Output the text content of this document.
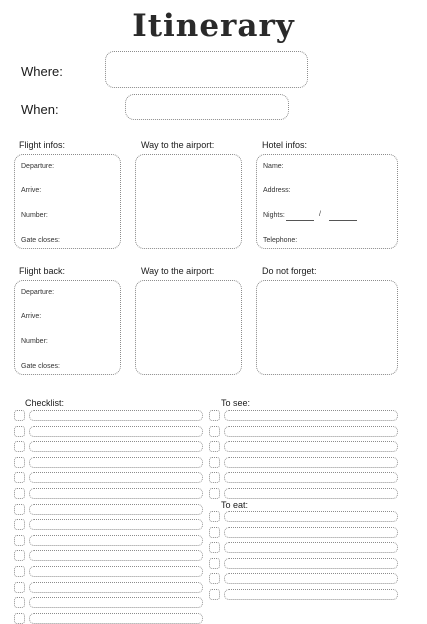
Itinerary
Where:
When:
Flight infos:	Way to the airport:	Hotel infos:
Departure:
Arrive:
Number:
Gate closes:
Name:
Address:
Nights:	/
Telephone:
Flight back:	Way to the airport:	Do not forget:
Departure:
Arrive:
Number:
Gate closes:
Checklist:	To see:
To eat:
